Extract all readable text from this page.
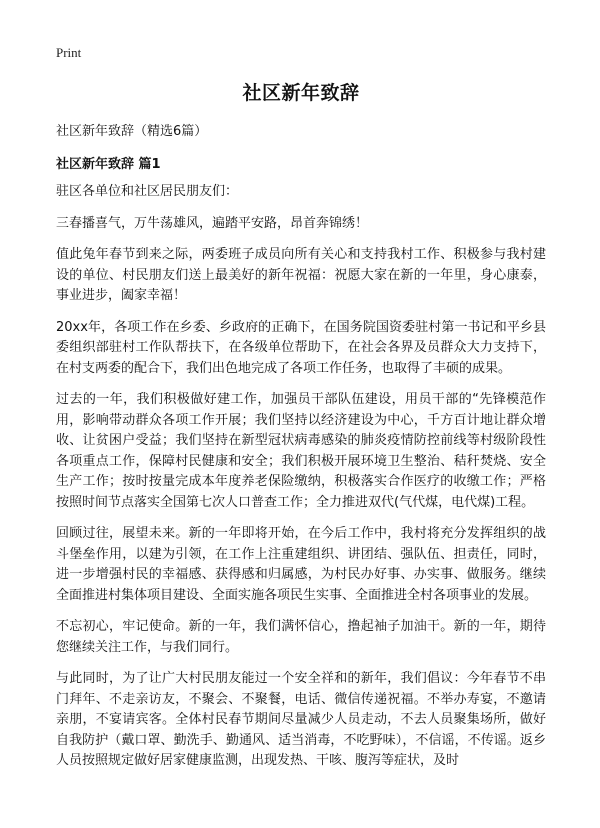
Print
社区新年致辞
社区新年致辞（精选6篇）
社区新年致辞 篇1
驻区各单位和社区居民朋友们：
三春播喜气，万牛荡雄风，遍踏平安路，昂首奔锦绣！
值此兔年春节到来之际，两委班子成员向所有关心和支持我村工作、积极参与我村建设的单位、村民朋友们送上最美好的新年祝福：祝愿大家在新的一年里，身心康泰，事业进步，阖家幸福！
20xx年，各项工作在乡委、乡政府的正确下，在国务院国资委驻村第一书记和平乡县委组织部驻村工作队帮扶下，在各级单位帮助下，在社会各界及员群众大力支持下，在村支两委的配合下，我们出色地完成了各项工作任务，也取得了丰硕的成果。
过去的一年，我们积极做好建工作，加强员干部队伍建设，用员干部的“先锋模范作用，影响带动群众各项工作开展；我们坚持以经济建设为中心，千方百计地让群众增收、让贫困户受益；我们坚持在新型冠状病毒感染的肺炎疫情防控前线等村级阶段性各项重点工作，保障村民健康和安全；我们积极开展环境卫生整治、秸秆焚烧、安全生产工作；按时按量完成本年度养老保险缴纳，积极落实合作医疗的收缴工作；严格按照时间节点落实全国第七次人口普查工作；全力推进双代(气代煤，电代煤)工程。
回顾过往，展望未来。新的一年即将开始，在今后工作中，我村将充分发挥组织的战斗堡垒作用，以建为引领，在工作上注重建组织、讲团结、强队伍、担责任，同时，进一步增强村民的幸福感、获得感和归属感，为村民办好事、办实事、做服务。继续全面推进村集体项目建设、全面实施各项民生实事、全面推进全村各项事业的发展。
不忘初心，牢记使命。新的一年，我们满怀信心，撸起袖子加油干。新的一年，期待您继续关注工作，与我们同行。
与此同时，为了让广大村民朋友能过一个安全祥和的新年，我们倡议：今年春节不串门拜年、不走亲访友，不聚会、不聚餐，电话、微信传递祝福。不举办寿宴，不邀请亲朋，不宴请宾客。全体村民春节期间尽量减少人员走动，不去人员聚集场所，做好自我防护（戴口罩、勤洗手、勤通风、适当消毒，不吃野味），不信谣，不传谣。返乡人员按照规定做好居家健康监测，出现发热、干咳、腹泻等症状，及时
